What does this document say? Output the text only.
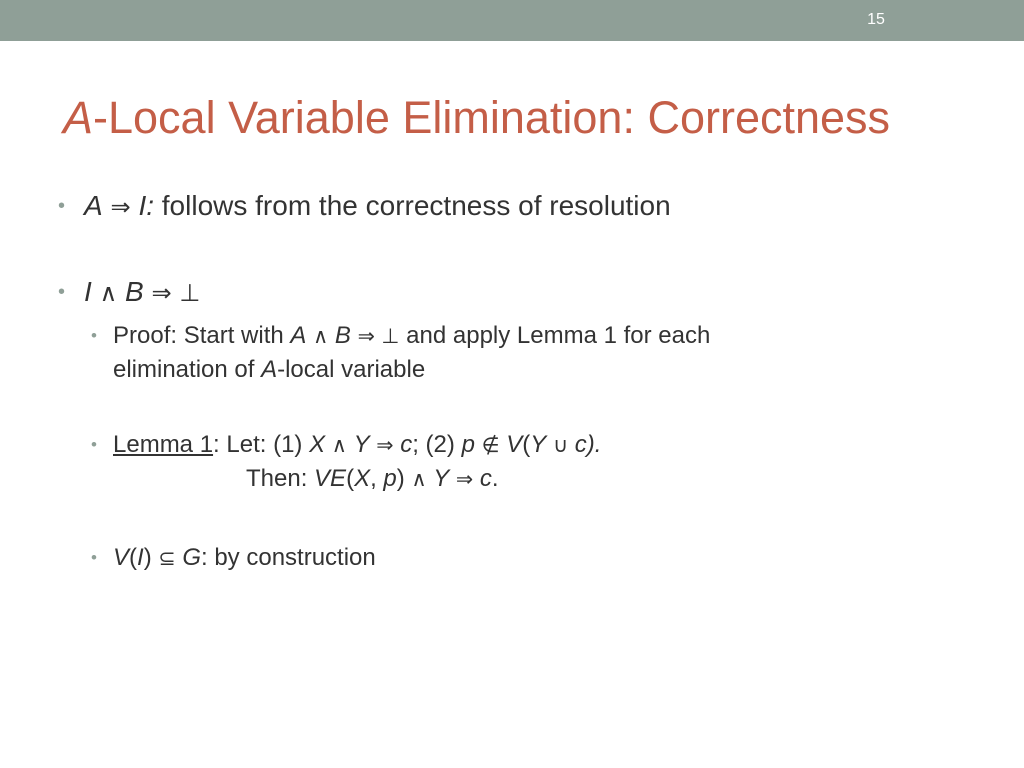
15
A-Local Variable Elimination: Correctness
• A ⇒ I: follows from the correctness of resolution
• I ∧ B ⇒ ⊥
• Proof: Start with A ∧ B ⇒ ⊥ and apply Lemma 1 for each
elimination of A-local variable
• Lemma 1: Let: (1) X ∧ Y ⇒ c; (2) p ∉ V(Y ∪ c).
Then: VE(X, p) ∧ Y ⇒ c.
• V(I) ⊆ G: by construction
